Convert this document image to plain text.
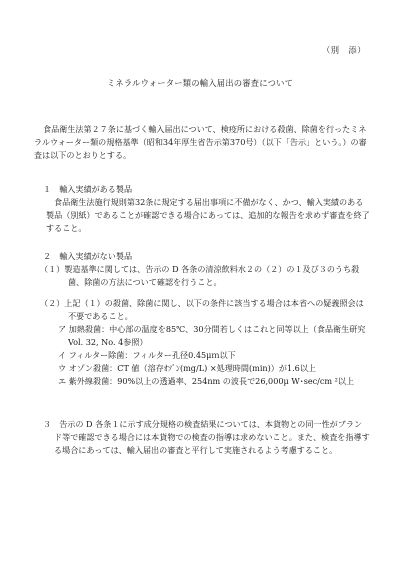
（別　添）
ミネラルウォーター類の輸入届出の審査について

食品衛生法第２７条に基づく輸入届出について、検疫所における殺菌、除菌を行ったミネラルウォーター類の規格基準（昭和34年厚生省告示第370号）（以下「告示」という。）の審査は以下のとおりとする。

１　輸入実績がある製品

食品衛生法施行規則第32条に規定する届出事項に不備がなく、かつ、輸入実績のある製品（別紙）であることが確認できる場合にあっては、追加的な報告を求めず審査を終了すること。

２　輸入実績がない製品

（１）製造基準に関しては、告示の D 各条の清涼飲料水２の（２）の１及び３のうち殺菌、除菌の方法について確認を行うこと。

（２）上記（１）の殺菌、除菌に関し、以下の条件に該当する場合は本省への疑義照会は不要であること。

ア 加熱殺菌：中心部の温度を85℃、30分間若しくはこれと同等以上（食品衛生研究 Vol. 32, No. 4参照）

イ フィルター除菌：フィルター孔径0.45μｍ以下

ウ オゾン殺菌：CT 値（溶存ｵｿﾞﾝ(mg/L) ×処理時間(min)）が1.6以上

エ 紫外線殺菌：90%以上の透過率、254nm の波長で26,000μ W･sec/cm ²以上

３　告示の D 各条１に示す成分規格の検査結果については、本貨物との同一性がブランド等で確認できる場合には本貨物での検査の指導は求めないこと。また、検査を指導する場合にあっては、輸入届出の審査と平行して実施されるよう考慮すること。
